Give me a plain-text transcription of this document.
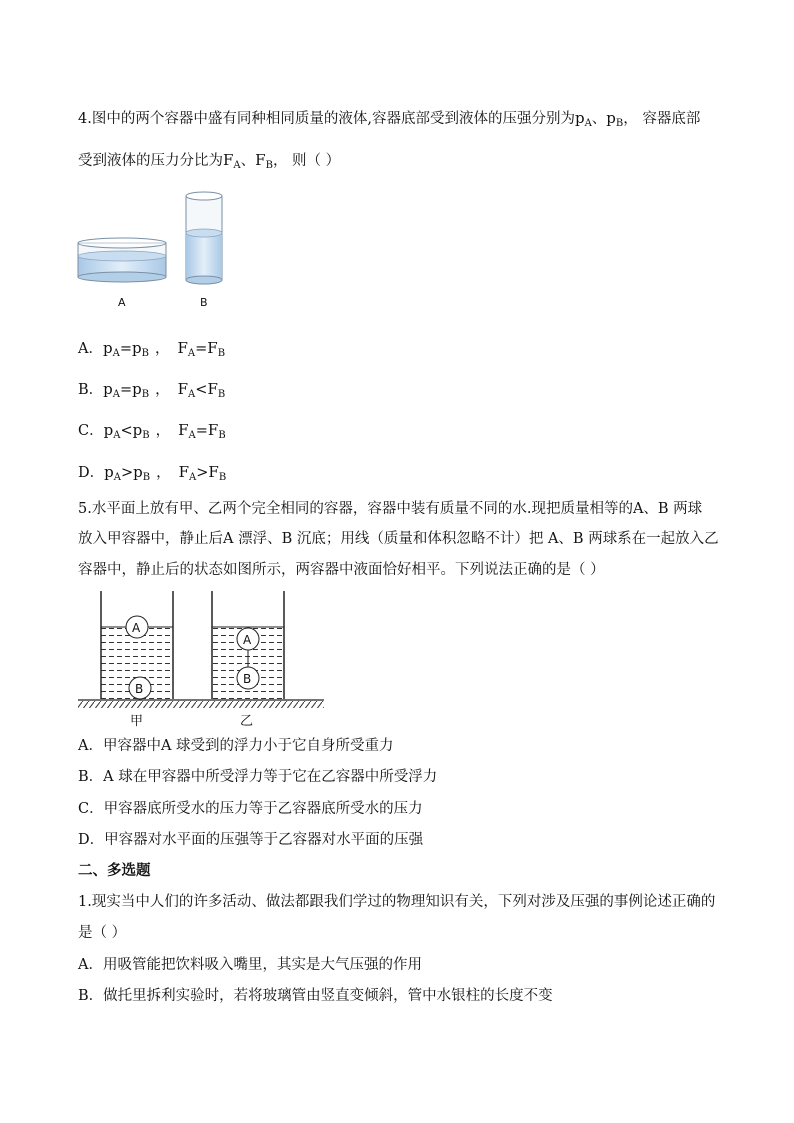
4.图中的两个容器中盛有同种相同质量的液体,容器底部受到液体的压强分别为$p_A$、$p_B$， 容器底部
受到液体的压力分比为$F_A$、$F_B$， 则（ ）
A	B
A．$p_A=p_B$ ， $F_A=F_B$
B．$p_A=p_B$ ， $F_A<F_B$
C．$p_A<p_B$ ， $F_A=F_B$
D．$p_A>p_B$ ， $F_A>F_B$
5.水平面上放有甲、乙两个完全相同的容器，容器中装有质量不同的水.现把质量相等的A、B 两球
放入甲容器中，静止后A 漂浮、B 沉底；用线（质量和体积忽略不计）把 A、B 两球系在一起放入乙
容器中，静止后的状态如图所示，两容器中液面恰好相平。下列说法正确的是（ ）
A
B
A
B
甲	乙
A．甲容器中A 球受到的浮力小于它自身所受重力
B．A 球在甲容器中所受浮力等于它在乙容器中所受浮力
C．甲容器底所受水的压力等于乙容器底所受水的压力
D．甲容器对水平面的压强等于乙容器对水平面的压强
二、多选题
1.现实当中人们的许多活动、做法都跟我们学过的物理知识有关，下列对涉及压强的事例论述正确的
是（ ）
A．用吸管能把饮料吸入嘴里，其实是大气压强的作用
B．做托里拆利实验时，若将玻璃管由竖直变倾斜，管中水银柱的长度不变
